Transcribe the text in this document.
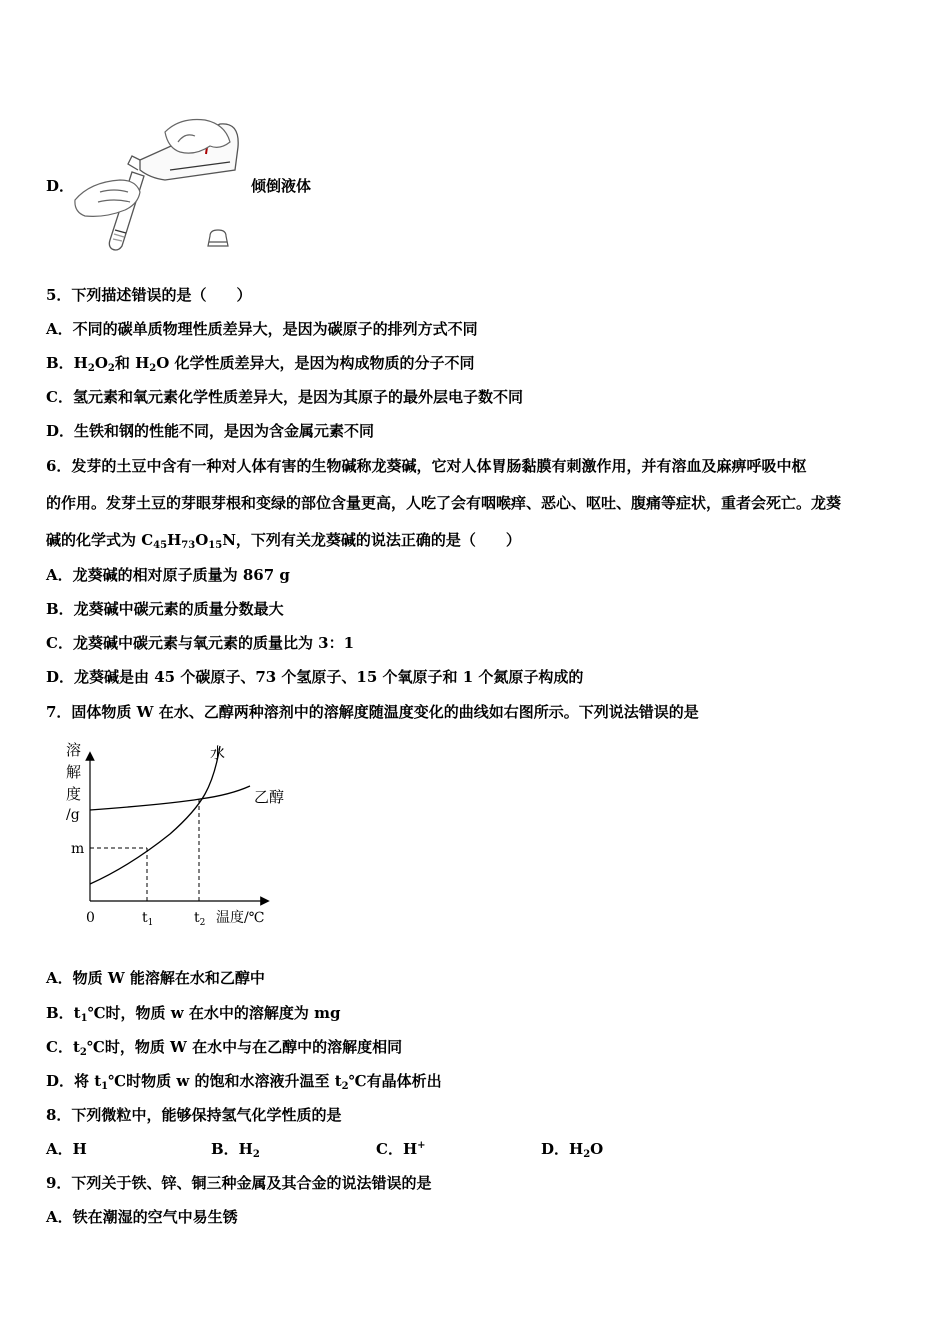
D．	倾倒液体
5．下列描述错误的是（　　）
A．不同的碳单质物理性质差异大，是因为碳原子的排列方式不同
B．$H_2O_2$和 $H_2O$ 化学性质差异大，是因为构成物质的分子不同
C．氢元素和氧元素化学性质差异大，是因为其原子的最外层电子数不同
D．生铁和钢的性能不同，是因为含金属元素不同
6．发芽的土豆中含有一种对人体有害的生物碱称龙葵碱，它对人体胃肠黏膜有刺激作用，并有溶血及麻痹呼吸中枢
的作用。发芽土豆的芽眼芽根和变绿的部位含量更高，人吃了会有咽喉痒、恶心、呕吐、腹痛等症状，重者会死亡。龙葵
碱的化学式为 $C_{45}H_{73}O_{15}N$，下列有关龙葵碱的说法正确的是（　　）
A．龙葵碱的相对原子质量为 867 g
B．龙葵碱中碳元素的质量分数最大
C．龙葵碱中碳元素与氧元素的质量比为 3：1
D．龙葵碱是由 45 个碳原子、73 个氢原子、15 个氧原子和 1 个氮原子构成的
7．固体物质 W 在水、乙醇两种溶剂中的溶解度随温度变化的曲线如右图所示。下列说法错误的是
溶
解
度
/g
m
水
乙醇
0	$t_1$	$t_2$ 温度/℃
A．物质 W 能溶解在水和乙醇中
B．$t_1℃$时，物质 w 在水中的溶解度为 mg
C．$t_2℃$时，物质 W 在水中与在乙醇中的溶解度相同
D．将 $t_1℃$时物质 w 的饱和水溶液升温至 $t_2℃$有晶体析出
8．下列微粒中，能够保持氢气化学性质的是
A．H	B．$H_2$	C．H+	D．$H_2O$
9．下列关于铁、锌、铜三种金属及其合金的说法错误的是
A．铁在潮湿的空气中易生锈
